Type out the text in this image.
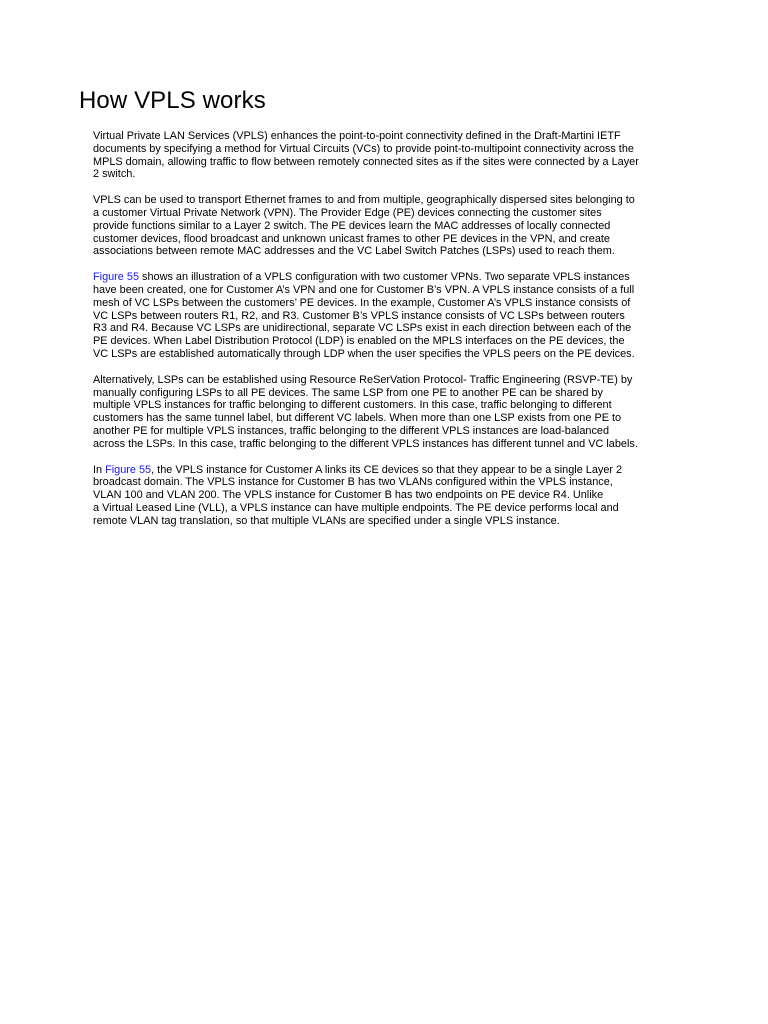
How VPLS works

Virtual Private LAN Services (VPLS) enhances the point-to-point connectivity defined in the Draft-Martini IETF
documents by specifying a method for Virtual Circuits (VCs) to provide point-to-multipoint connectivity across the
MPLS domain, allowing traffic to flow between remotely connected sites as if the sites were connected by a Layer
2 switch.

VPLS can be used to transport Ethernet frames to and from multiple, geographically dispersed sites belonging to
a customer Virtual Private Network (VPN). The Provider Edge (PE) devices connecting the customer sites
provide functions similar to a Layer 2 switch. The PE devices learn the MAC addresses of locally connected
customer devices, flood broadcast and unknown unicast frames to other PE devices in the VPN, and create
associations between remote MAC addresses and the VC Label Switch Patches (LSPs) used to reach them.

Figure 55 shows an illustration of a VPLS configuration with two customer VPNs. Two separate VPLS instances
have been created, one for Customer A’s VPN and one for Customer B’s VPN. A VPLS instance consists of a full
mesh of VC LSPs between the customers’ PE devices. In the example, Customer A’s VPLS instance consists of
VC LSPs between routers R1, R2, and R3. Customer B’s VPLS instance consists of VC LSPs between routers
R3 and R4. Because VC LSPs are unidirectional, separate VC LSPs exist in each direction between each of the
PE devices. When Label Distribution Protocol (LDP) is enabled on the MPLS interfaces on the PE devices, the
VC LSPs are established automatically through LDP when the user specifies the VPLS peers on the PE devices.

Alternatively, LSPs can be established using Resource ReSerVation Protocol- Traffic Engineering (RSVP-TE) by
manually configuring LSPs to all PE devices. The same LSP from one PE to another PE can be shared by
multiple VPLS instances for traffic belonging to different customers. In this case, traffic belonging to different
customers has the same tunnel label, but different VC labels. When more than one LSP exists from one PE to
another PE for multiple VPLS instances, traffic belonging to the different VPLS instances are load-balanced
across the LSPs. In this case, traffic belonging to the different VPLS instances has different tunnel and VC labels.

In Figure 55, the VPLS instance for Customer A links its CE devices so that they appear to be a single Layer 2
broadcast domain. The VPLS instance for Customer B has two VLANs configured within the VPLS instance,
VLAN 100 and VLAN 200. The VPLS instance for Customer B has two endpoints on PE device R4. Unlike
a Virtual Leased Line (VLL), a VPLS instance can have multiple endpoints. The PE device performs local and
remote VLAN tag translation, so that multiple VLANs are specified under a single VPLS instance.
